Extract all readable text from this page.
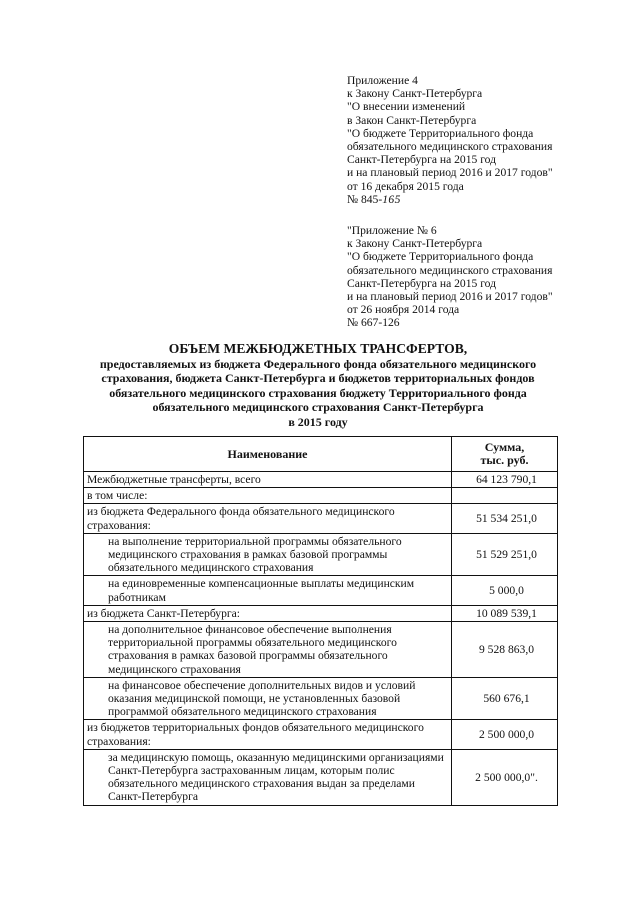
Приложение 4
к Закону Санкт-Петербурга
"О внесении изменений
в Закон Санкт-Петербурга
"О бюджете Территориального фонда
обязательного медицинского страхования
Санкт-Петербурга на 2015 год
и на плановый период 2016 и 2017 годов"
от 16 декабря 2015 года
№ 845-165
"Приложение № 6
к Закону Санкт-Петербурга
"О бюджете Территориального фонда
обязательного медицинского страхования
Санкт-Петербурга на 2015 год
и на плановый период 2016 и 2017 годов"
от 26 ноября 2014 года
№ 667-126
ОБЪЕМ МЕЖБЮДЖЕТНЫХ ТРАНСФЕРТОВ,
предоставляемых из бюджета Федерального фонда обязательного медицинского
страхования, бюджета Санкт-Петербурга и бюджетов территориальных фондов
обязательного медицинского страхования бюджету Территориального фонда
обязательного медицинского страхования Санкт-Петербурга
в 2015 году
Наименование	Сумма,
тыс. руб.
Межбюджетные трансферты, всего	64 123 790,1
в том числе:	
из бюджета Федерального фонда обязательного медицинского страхования:	51 534 251,0
на выполнение территориальной программы обязательного медицинского страхования в рамках базовой программы обязательного медицинского страхования	51 529 251,0
на единовременные компенсационные выплаты медицинским работникам	5 000,0
из бюджета Санкт-Петербурга:	10 089 539,1
на дополнительное финансовое обеспечение выполнения территориальной программы обязательного медицинского страхования в рамках базовой программы обязательного медицинского страхования	9 528 863,0
на финансовое обеспечение дополнительных видов и условий оказания медицинской помощи, не установленных базовой программой обязательного медицинского страхования	560 676,1
из бюджетов территориальных фондов обязательного медицинского страхования:	2 500 000,0
за медицинскую помощь, оказанную медицинскими организациями Санкт-Петербурга застрахованным лицам, которым полис обязательного медицинского страхования выдан за пределами Санкт-Петербурга	2 500 000,0".
